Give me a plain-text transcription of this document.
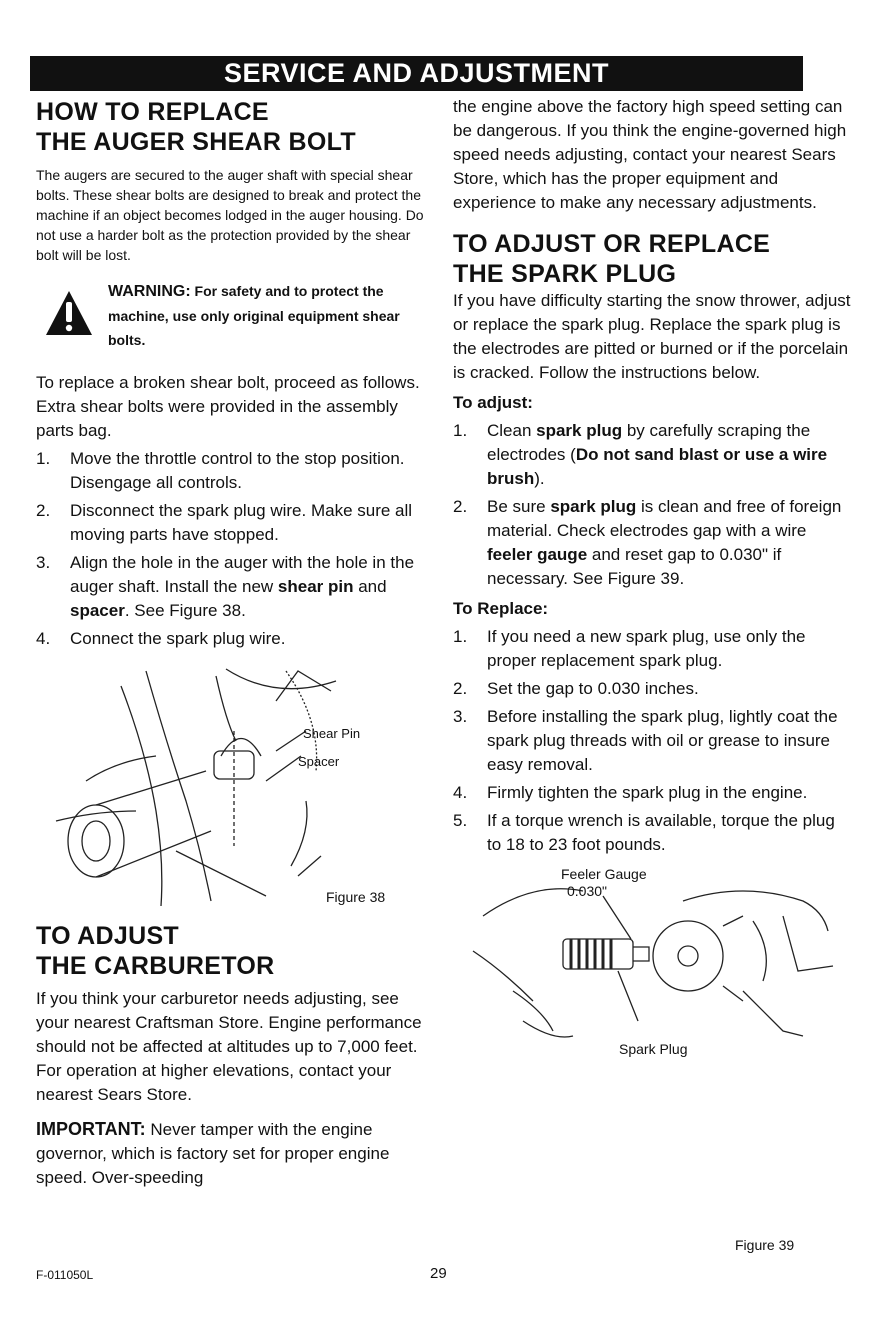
SERVICE AND ADJUSTMENT
HOW TO REPLACE
THE AUGER SHEAR BOLT

The augers are secured to the auger shaft with special shear bolts. These shear bolts are designed to break and protect the machine if an object becomes lodged in the auger housing. Do not use a harder bolt as the protection provided by the shear bolt will be lost.

WARNING: For safety and to protect the machine, use only original equipment shear bolts.

To replace a broken shear bolt, proceed as follows. Extra shear bolts were provided in the assembly parts bag.

1. Move the throttle control to the stop position. Disengage all controls.
2. Disconnect the spark plug wire. Make sure all moving parts have stopped.
3. Align the hole in the auger with the hole in the auger shaft. Install the new shear pin and spacer. See Figure 38.
4. Connect the spark plug wire.
Shear Pin
Spacer
Figure 38
TO ADJUST
THE CARBURETOR

If you think your carburetor needs adjusting, see your nearest Craftsman Store. Engine performance should not be affected at altitudes up to 7,000 feet. For operation at higher elevations, contact your nearest Sears Store.

IMPORTANT: Never tamper with the engine governor, which is factory set for proper engine speed. Over-speeding

the engine above the factory high speed setting can be dangerous. If you think the engine-governed high speed needs adjusting, contact your nearest Sears Store, which has the proper equipment and experience to make any necessary adjustments.

TO ADJUST OR REPLACE
THE SPARK PLUG

If you have difficulty starting the snow thrower, adjust or replace the spark plug. Replace the spark plug is the electrodes are pitted or burned or if the porcelain is cracked. Follow the instructions below.

To adjust:
1. Clean spark plug by carefully scraping the electrodes (Do not sand blast or use a wire brush).
2. Be sure spark plug is clean and free of foreign material. Check electrodes gap with a wire feeler gauge and reset gap to 0.030" if necessary. See Figure 39.
To Replace:
1. If you need a new spark plug, use only the proper replacement spark plug.
2. Set the gap to 0.030 inches.
3. Before installing the spark plug, lightly coat the spark plug threads with oil or grease to insure easy removal.
4. Firmly tighten the spark plug in the engine.
5. If a torque wrench is available, torque the plug to 18 to 23 foot pounds.
Feeler Gauge
0.030"
Spark Plug
Figure 39
F-011050L	29
